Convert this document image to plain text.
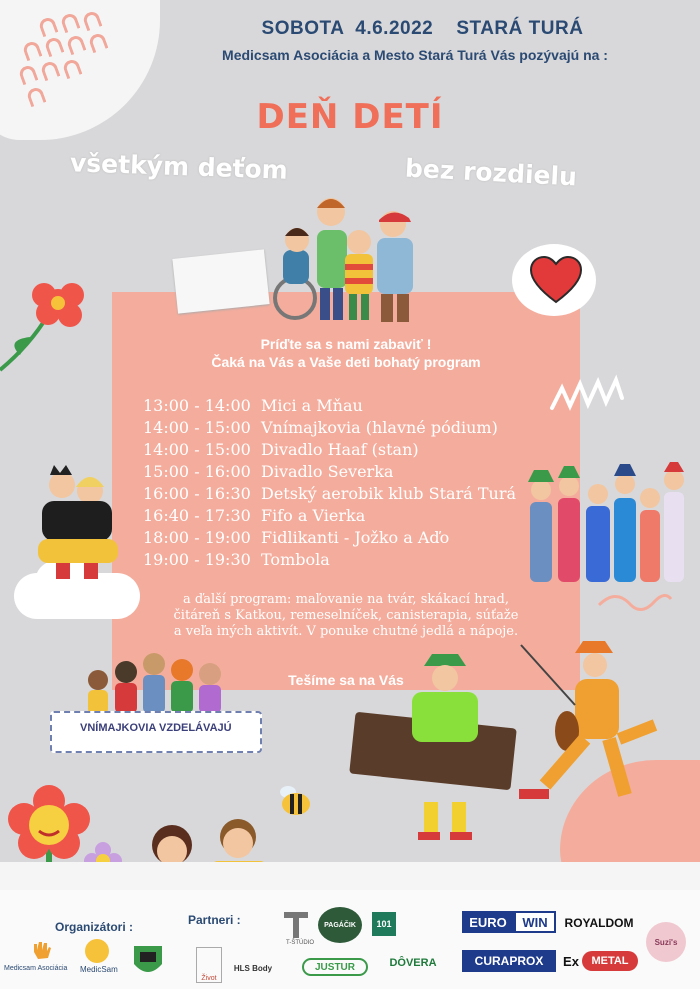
SOBOTA  4.6.2022    STARÁ TURÁ
Medicsam Asociácia a Mesto Stará Turá Vás pozývajú na :
DEŇ DETÍ
všetkým deťom	bez rozdielu
Príďte sa s nami zabaviť !
Čaká na Vás a Vaše deti bohatý program
13:00 - 14:00 Mici a Mňau
14:00 - 15:00 Vnímajkovia (hlavné pódium)
14:00 - 15:00 Divadlo Haaf (stan)
15:00 - 16:00 Divadlo Severka
16:00 - 16:30 Detský aerobik klub Stará Turá
16:40 - 17:30 Fifo a Vierka
18:00 - 19:00 Fidlikanti - Jožko a Aďo
19:00 - 19:30 Tombola
a ďalší program: maľovanie na tvár, skákací hrad,
čitáreň s Katkou, remeselníček, canisterapia, súťaže
a veľa iných aktivít. V ponuke chutné jedlá a nápoje.
Tešíme sa na Vás
VNÍMAJKOVIA VZDELÁVAJÚ
Organizátori :	Partneri :
Medicsam Asociácia MedicSam
T-ŠTÚDIO
PAGÁČIK	101	EURO	WIN	ROYALDOM
Suzi's
Život
HLS Body	JUSTUR	DÔVERA	CURAPROX	Ex	METAL
